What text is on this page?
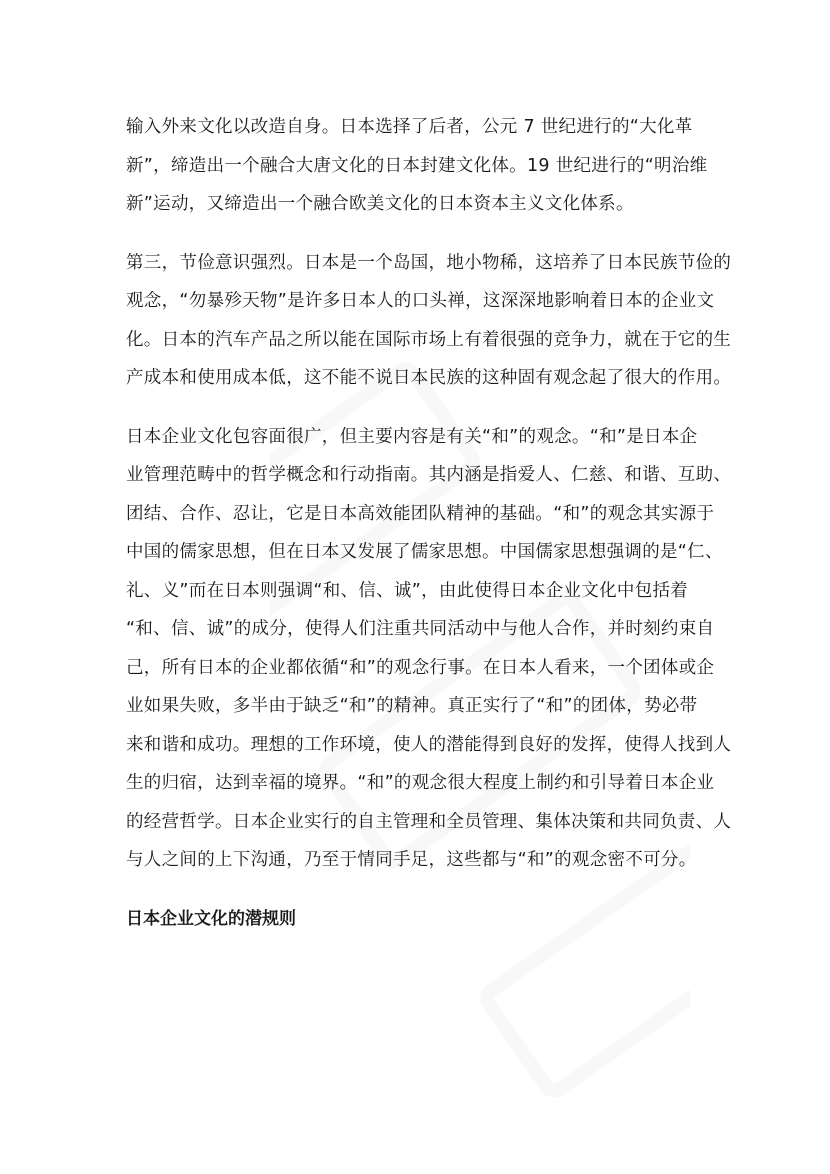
输入外来文化以改造自身。日本选择了后者，公元 7 世纪进行的“大化革
新”，缔造出一个融合大唐文化的日本封建文化体。19 世纪进行的“明治维
新”运动，又缔造出一个融合欧美文化的日本资本主义文化体系。

第三，节俭意识强烈。日本是一个岛国，地小物稀，这培养了日本民族节俭的
观念，“勿暴殄天物”是许多日本人的口头禅，这深深地影响着日本的企业文
化。日本的汽车产品之所以能在国际市场上有着很强的竞争力，就在于它的生
产成本和使用成本低，这不能不说日本民族的这种固有观念起了很大的作用。

日本企业文化包容面很广，但主要内容是有关“和”的观念。“和”是日本企
业管理范畴中的哲学概念和行动指南。其内涵是指爱人、仁慈、和谐、互助、
团结、合作、忍让，它是日本高效能团队精神的基础。“和”的观念其实源于
中国的儒家思想，但在日本又发展了儒家思想。中国儒家思想强调的是“仁、
礼、义”而在日本则强调“和、信、诚”，由此使得日本企业文化中包括着
“和、信、诚”的成分，使得人们注重共同活动中与他人合作，并时刻约束自
己，所有日本的企业都依循“和”的观念行事。在日本人看来，一个团体或企
业如果失败，多半由于缺乏“和”的精神。真正实行了“和”的团体，势必带
来和谐和成功。理想的工作环境，使人的潜能得到良好的发挥，使得人找到人
生的归宿，达到幸福的境界。“和”的观念很大程度上制约和引导着日本企业
的经营哲学。日本企业实行的自主管理和全员管理、集体决策和共同负责、人
与人之间的上下沟通，乃至于情同手足，这些都与“和”的观念密不可分。

日本企业文化的潜规则
